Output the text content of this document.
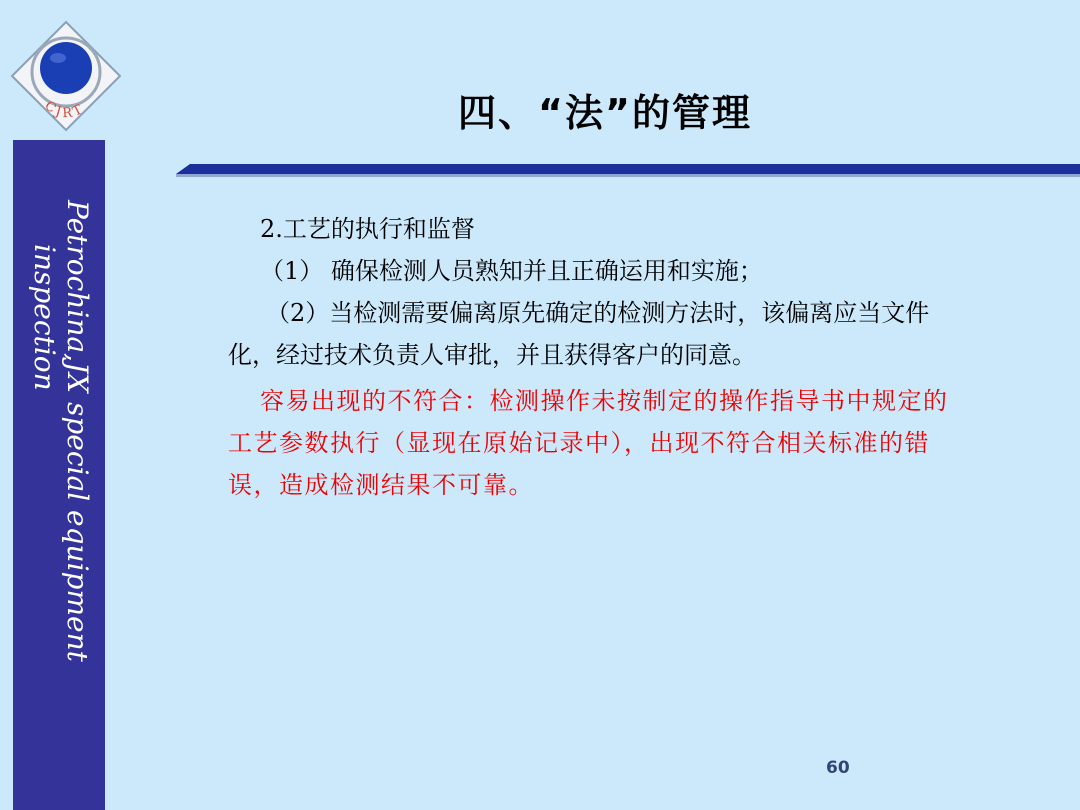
CJRT
Petrochina,JX special equipment
inspection
四、“法”的管理

2.工艺的执行和监督

（1） 确保检测人员熟知并且正确运用和实施；

（2）当检测需要偏离原先确定的检测方法时，该偏离应当文件化，经过技术负责人审批，并且获得客户的同意。

容易出现的不符合：检测操作未按制定的操作指导书中规定的工艺参数执行（显现在原始记录中），出现不符合相关标准的错误，造成检测结果不可靠。

60
